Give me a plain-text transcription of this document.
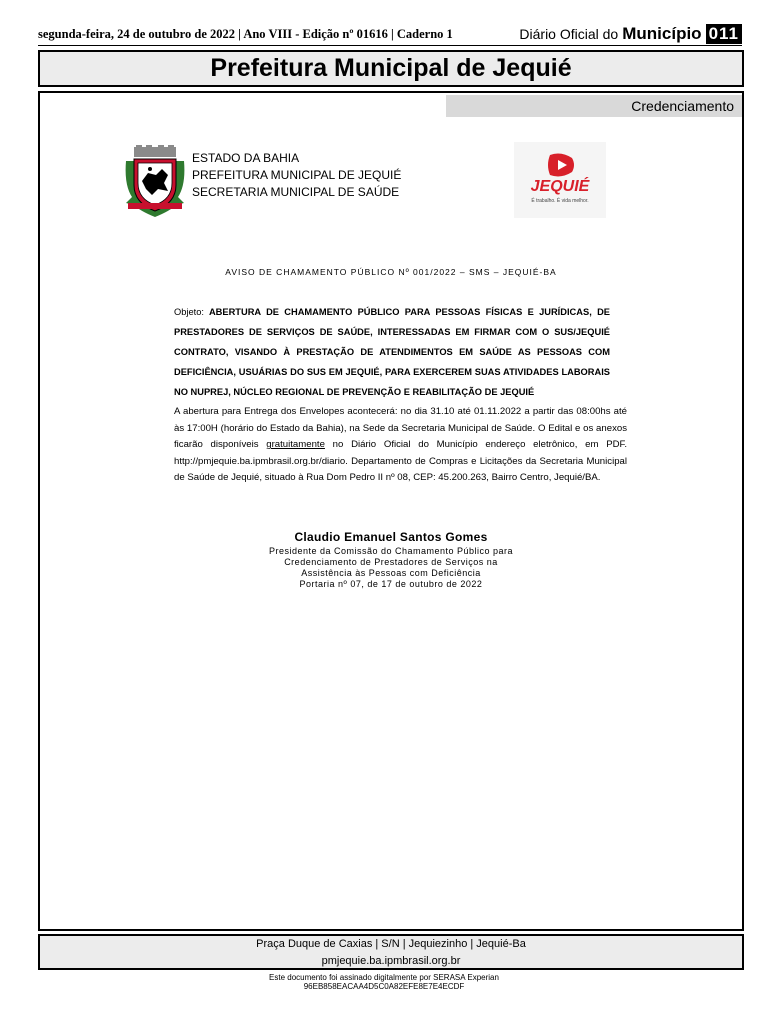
segunda-feira, 24 de outubro de 2022 | Ano VIII - Edição nº 01616 | Caderno 1	Diário Oficial do Município 011
Prefeitura Municipal de Jequié
Credenciamento
ESTADO DA BAHIA
PREFEITURA MUNICIPAL DE JEQUIÉ
SECRETARIA MUNICIPAL DE SAÚDE	JEQUIÉ
É trabalho. É vida melhor.
AVISO DE CHAMAMENTO PÚBLICO Nº 001/2022 – SMS – JEQUIÉ-BA
Objeto: ABERTURA DE CHAMAMENTO PÚBLICO PARA PESSOAS FÍSICAS E JURÍDICAS, DE PRESTADORES DE SERVIÇOS DE SAÚDE, INTERESSADAS EM FIRMAR COM O SUS/JEQUIÉ CONTRATO, VISANDO À PRESTAÇÃO DE ATENDIMENTOS EM SAÚDE AS PESSOAS COM DEFICIÊNCIA, USUÁRIAS DO SUS EM JEQUIÉ, PARA EXERCEREM SUAS ATIVIDADES LABORAIS NO NUPREJ, NÚCLEO REGIONAL DE PREVENÇÃO E REABILITAÇÃO DE JEQUIÉ
A abertura para Entrega dos Envelopes acontecerá: no dia 31.10 até 01.11.2022 a partir das 08:00hs até às 17:00H (horário do Estado da Bahia), na Sede da Secretaria Municipal de Saúde. O Edital e os anexos ficarão disponíveis gratuitamente no Diário Oficial do Município endereço eletrônico, em PDF. http://pmjequie.ba.ipmbrasil.org.br/diario. Departamento de Compras e Licitações da Secretaria Municipal de Saúde de Jequié, situado à Rua Dom Pedro II nº 08, CEP: 45.200.263, Bairro Centro, Jequié/BA.
Claudio Emanuel Santos Gomes
Presidente da Comissão do Chamamento Público para
Credenciamento de Prestadores de Serviços na
Assistência às Pessoas com Deficiência
Portaria nº 07, de 17 de outubro de 2022
Praça Duque de Caxias | S/N | Jequiezinho | Jequié-Ba
pmjequie.ba.ipmbrasil.org.br
Este documento foi assinado digitalmente por SERASA Experian
96EB858EACAA4D5C0A82EFE8E7E4ECDF
